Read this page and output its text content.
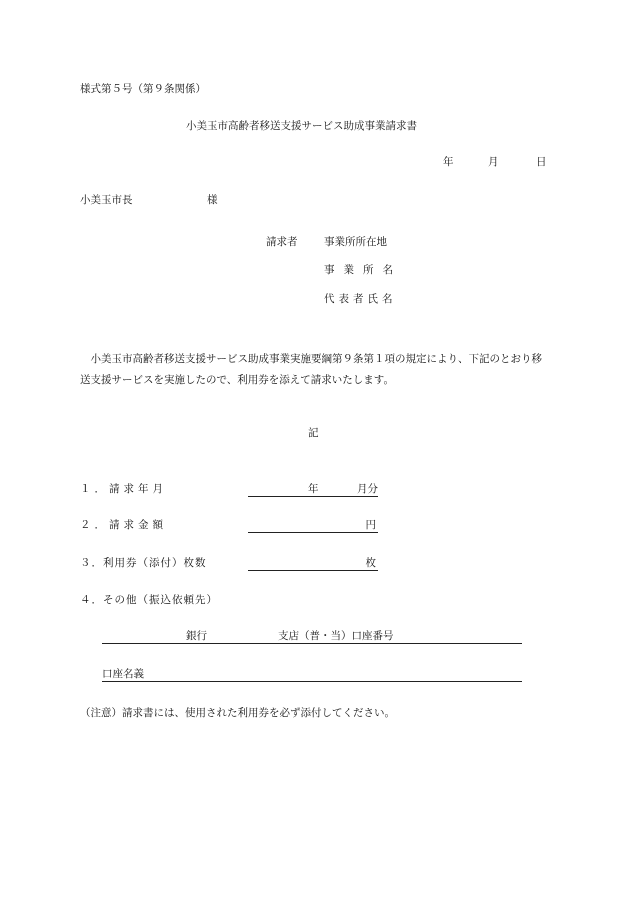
様式第５号（第９条関係）
小美玉市高齢者移送支援サービス助成事業請求書
年	月	日
小美玉市長	様
請求者	事業所所在地
事業所名
代表者氏名
小美玉市高齢者移送支援サービス助成事業実施要綱第９条第１項の規定により、下記のとおり移送支援サービスを実施したので、利用券を添えて請求いたします。
記
１．請求年月	年	月分
２．請求金額	円
３．利用券（添付）枚数	枚
４．その他（振込依頼先）
銀行	支店（普・当）口座番号
口座名義
（注意）請求書には、使用された利用券を必ず添付してください。
